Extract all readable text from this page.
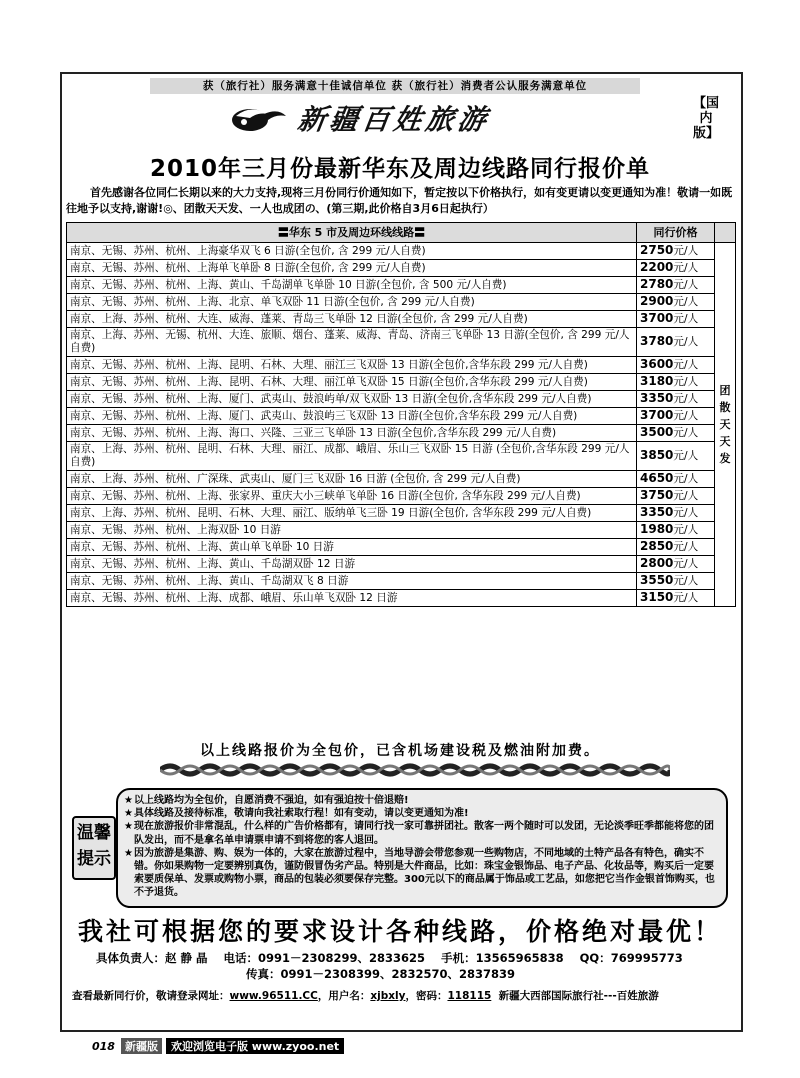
获（旅行社）服务满意十佳诚信单位 获（旅行社）消费者公认服务满意单位
新疆百姓旅游	【国内版】
2010年三月份最新华东及周边线路同行报价单
首先感谢各位同仁长期以来的大力支持,现将三月份同行价通知如下，暂定按以下价格执行，如有变更请以变更通知为准！敬请一如既往地予以支持,谢谢!◎、团散天天发、一人也成团の、(第三期,此价格自3月6日起执行）
〓华东 5 市及周边环线线路〓	同行价格	
南京、无锡、苏州、杭州、上海豪华双飞 6 日游(全包价, 含 299 元/人自费)	2750元/人	团散天天发
南京、无锡、苏州、杭州、上海单飞单卧 8 日游(全包价, 含 299 元/人自费)	2200元/人	
南京、无锡、苏州、杭州、上海、黄山、千岛湖单飞单卧 10 日游(全包价, 含 500 元/人自费)	2780元/人	
南京、无锡、苏州、杭州、上海、北京、单飞双卧 11 日游(全包价, 含 299 元/人自费)	2900元/人	
南京、上海、苏州、杭州、大连、威海、蓬莱、青岛三飞单卧 12 日游(全包价, 含 299 元/人自费)	3700元/人	
南京、上海、苏州、无锡、杭州、大连、旅顺、烟台、蓬莱、威海、青岛、济南三飞单卧 13 日游(全包价, 含 299 元/人自费)	3780元/人	
南京、无锡、苏州、杭州、上海、昆明、石林、大理、丽江三飞双卧 13 日游(全包价,含华东段 299 元/人自费)	3600元/人	
南京、无锡、苏州、杭州、上海、昆明、石林、大理、丽江单飞双卧 15 日游(全包价,含华东段 299 元/人自费)	3180元/人	
南京、无锡、苏州、杭州、上海、厦门、武夷山、鼓浪屿单/双飞双卧 13 日游(全包价,含华东段 299 元/人自费)	3350元/人	
南京、无锡、苏州、杭州、上海、厦门、武夷山、鼓浪屿三飞双卧 13 日游(全包价,含华东段 299 元/人自费)	3700元/人	
南京、无锡、苏州、杭州、上海、海口、兴隆、三亚三飞单卧 13 日游(全包价,含华东段 299 元/人自费)	3500元/人	
南京、上海、苏州、杭州、昆明、石林、大理、丽江、成都、峨眉、乐山三飞双卧 15 日游 (全包价,含华东段 299 元/人自费)	3850元/人	
南京、上海、苏州、杭州、广深珠、武夷山、厦门三飞双卧 16 日游 (全包价, 含 299 元/人自费)	4650元/人	
南京、无锡、苏州、杭州、上海、张家界、重庆大小三峡单飞单卧 16 日游(全包价, 含华东段 299 元/人自费)	3750元/人	
南京、上海、苏州、杭州、昆明、石林、大理、丽江、版纳单飞三卧 19 日游(全包价, 含华东段 299 元/人自费)	3350元/人	
南京、无锡、苏州、杭州、上海双卧 10 日游	1980元/人	
南京、无锡、苏州、杭州、上海、黄山单飞单卧 10 日游	2850元/人	
南京、无锡、苏州、杭州、上海、黄山、千岛湖双卧 12 日游	2800元/人	
南京、无锡、苏州、杭州、上海、黄山、千岛湖双飞 8 日游	3550元/人	
南京、无锡、苏州、杭州、上海、成都、峨眉、乐山单飞双卧 12 日游	3150元/人	
以上线路报价为全包价，已含机场建设税及燃油附加费。
温馨提示
★ 以上线路均为全包价，自愿消费不强迫，如有强迫按十倍退赔!
★ 具体线路及接待标准，敬请向我社索取行程！如有变动，请以变更通知为准!
★ 现在旅游报价非常混乱，什么样的广告价格都有，请同行找一家可靠拼团社。散客一两个随时可以发团，无论淡季旺季都能将您的团队发出，而不是拿名单申请票申请不到将您的客人退回。
★ 因为旅游是集游、购、娱为一体的，大家在旅游过程中，当地导游会带您参观一些购物店，不同地域的土特产品各有特色，确实不错。你如果购物一定要辨别真伪，谨防假冒伪劣产品。特别是大件商品，比如：珠宝金银饰品、电子产品、化妆品等，购买后一定要索要质保单、发票或购物小票，商品的包装必须要保存完整。300元以下的商品属于饰品或工艺品，如您把它当作金银首饰购买，也不予退货。
我社可根据您的要求设计各种线路，价格绝对最优！
具体负责人：赵 静 晶 电话：0991－2308299、2833625 手机：13565965838 QQ：769995773
传真：0991－2308399、2832570、2837839
查看最新同行价，敬请登录网址：www.96511.CC，用户名：xjbxly，密码：118115 新疆大西部国际旅行社---百姓旅游
018 新疆版	欢迎浏览电子版 www.zyoo.net
